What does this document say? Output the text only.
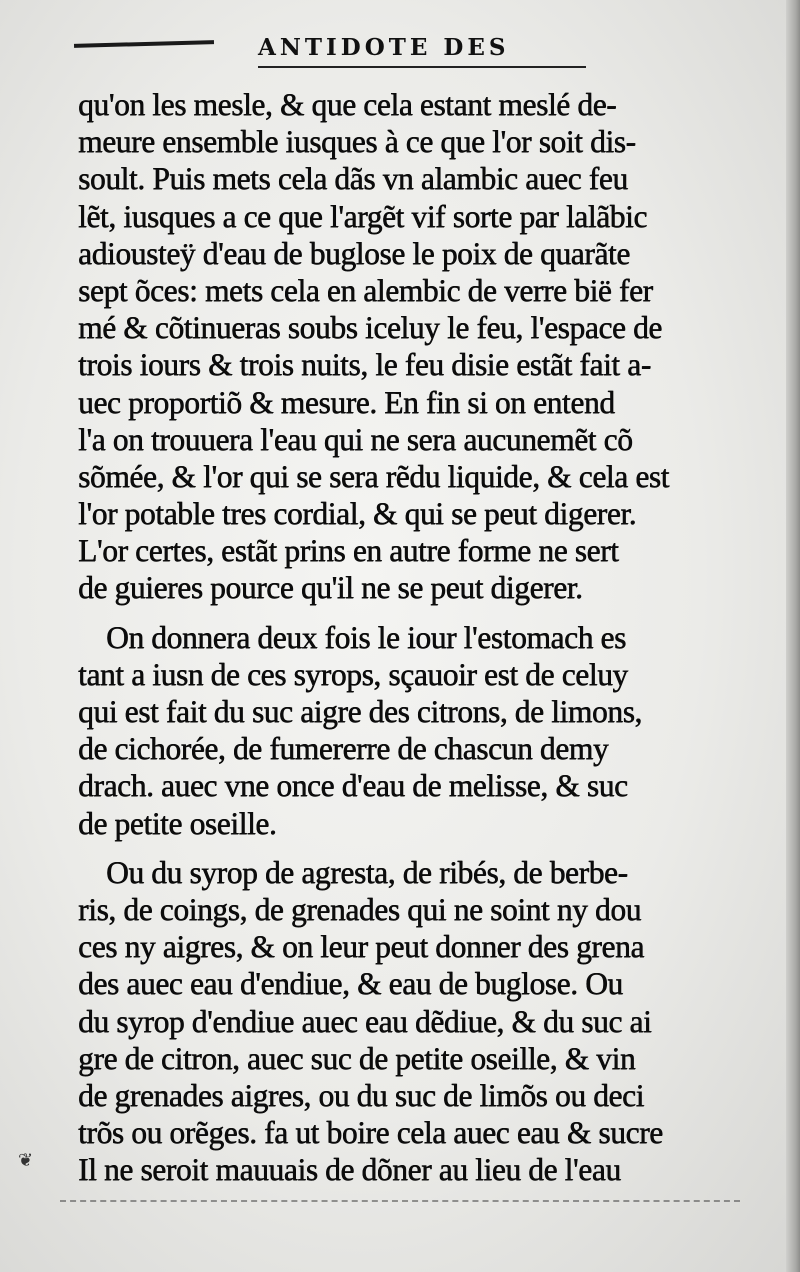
ANTIDOTE DES
qu'on les mesle, & que cela estant meslé de-
meure ensemble iusques à ce que l'or soit dis-
soult. Puis mets cela dãs vn alambic auec feu
lẽt, iusques a ce que l'argẽt vif sorte par lalãbic
adiousteÿ d'eau de buglose le poix de quarãte
sept õces: mets cela en alembic de verre bië fer
mé & cõtinueras soubs iceluy le feu, l'espace de
trois iours & trois nuits, le feu disie estãt fait a-
uec proportiõ & mesure. En fin si on entend
l'a on trouuera l'eau qui ne sera aucunemẽt cõ
sõmée, & l'or qui se sera rẽdu liquide, & cela est
l'or potable tres cordial, & qui se peut digerer.
L'or certes, estãt prins en autre forme ne sert
de guieres pource qu'il ne se peut digerer.
On donnera deux fois le iour l'estomach es
tant a iusn de ces syrops, sçauoir est de celuy
qui est fait du suc aigre des citrons, de limons,
de cichorée, de fumererre de chascun demy
drach. auec vne once d'eau de melisse, & suc
de petite oseille.
Ou du syrop de agresta, de ribés, de berbe-
ris, de coings, de grenades qui ne soint ny dou
ces ny aigres, & on leur peut donner des grena
des auec eau d'endiue, & eau de buglose. Ou
du syrop d'endiue auec eau dẽdiue, & du suc ai
gre de citron, auec suc de petite oseille, & vin
de grenades aigres, ou du suc de limõs ou deci
trõs ou orẽges. fa ut boire cela auec eau & sucre
Il ne seroit mauuais de dõner au lieu de l'eau
❦
